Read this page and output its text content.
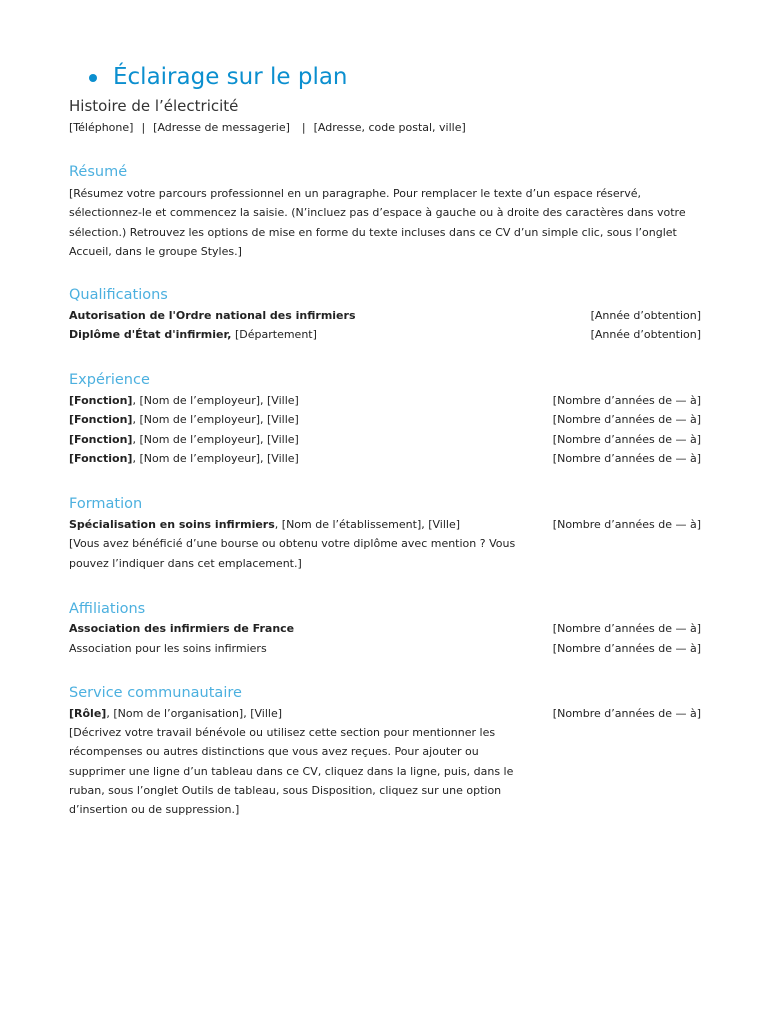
Éclairage sur le plan
Histoire de l’électricité
[Téléphone] | [Adresse de messagerie] | [Adresse, code postal, ville]
Résumé
[Résumez votre parcours professionnel en un paragraphe. Pour remplacer le texte d’un espace réservé, sélectionnez-le et commencez la saisie. (N’incluez pas d’espace à gauche ou à droite des caractères dans votre sélection.) Retrouvez les options de mise en forme du texte incluses dans ce CV d’un simple clic, sous l’onglet Accueil, dans le groupe Styles.]
Qualifications
Autorisation de l'Ordre national des infirmiers	[Année d’obtention]
Diplôme d'État d'infirmier, [Département]	[Année d’obtention]
Expérience
[Fonction], [Nom de l’employeur], [Ville]	[Nombre d’années de — à]
[Fonction], [Nom de l’employeur], [Ville]	[Nombre d’années de — à]
[Fonction], [Nom de l’employeur], [Ville]	[Nombre d’années de — à]
[Fonction], [Nom de l’employeur], [Ville]	[Nombre d’années de — à]
Formation
Spécialisation en soins infirmiers, [Nom de l’établissement], [Ville]	[Nombre d’années de — à]
[Vous avez bénéficié d’une bourse ou obtenu votre diplôme avec mention ? Vous
pouvez l’indiquer dans cet emplacement.]
Affiliations
Association des infirmiers de France	[Nombre d’années de — à]
Association pour les soins infirmiers	[Nombre d’années de — à]
Service communautaire
[Rôle], [Nom de l’organisation], [Ville]	[Nombre d’années de — à]
[Décrivez votre travail bénévole ou utilisez cette section pour mentionner les
récompenses ou autres distinctions que vous avez reçues. Pour ajouter ou
supprimer une ligne d’un tableau dans ce CV, cliquez dans la ligne, puis, dans le
ruban, sous l’onglet Outils de tableau, sous Disposition, cliquez sur une option
d’insertion ou de suppression.]
